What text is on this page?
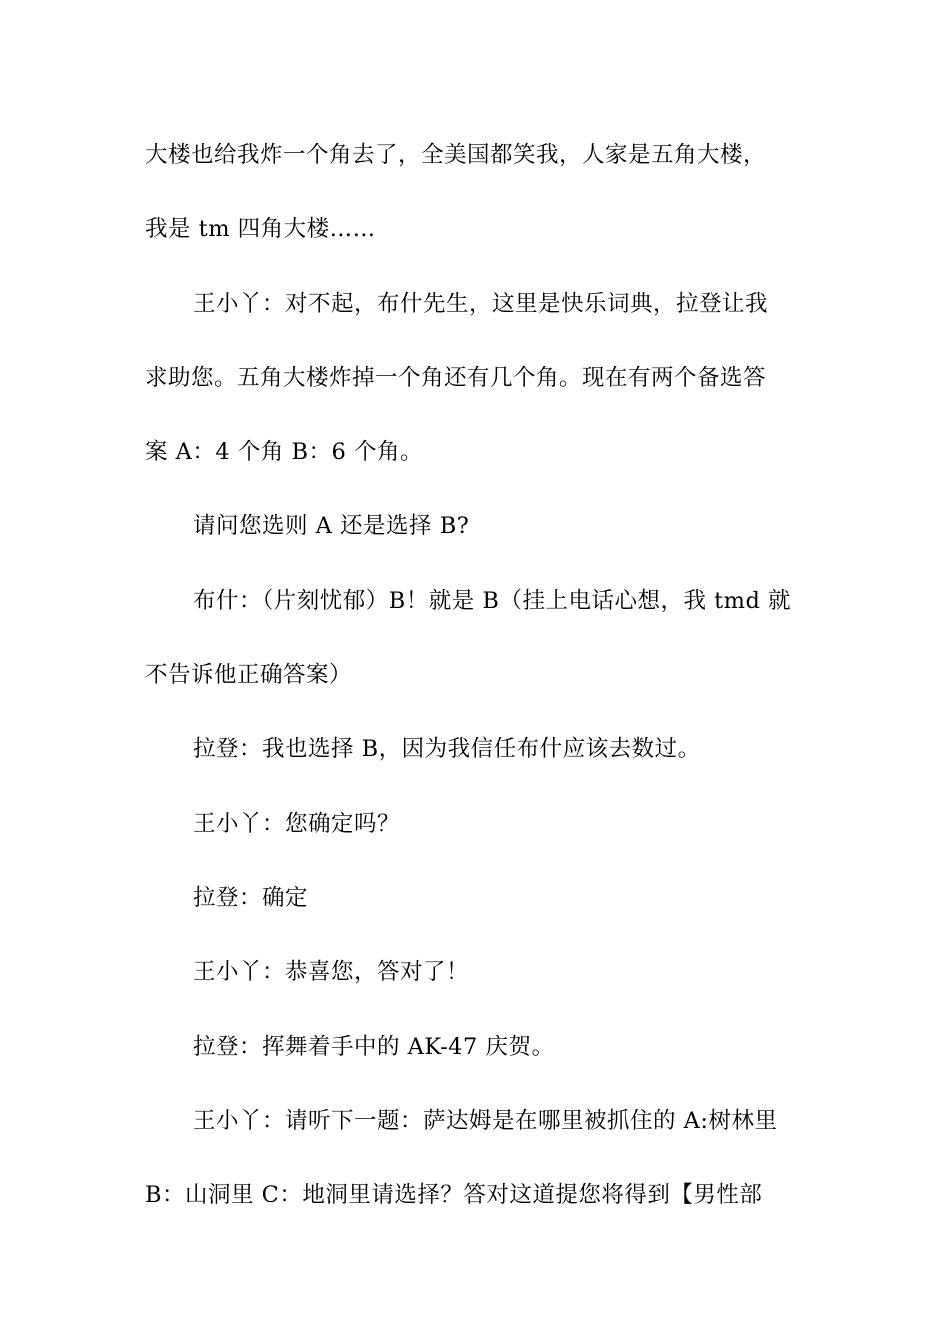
大楼也给我炸一个角去了，全美国都笑我，人家是五角大楼，
我是 tm 四角大楼……
王小丫：对不起，布什先生，这里是快乐词典，拉登让我
求助您。五角大楼炸掉一个角还有几个角。现在有两个备选答
案 A：4 个角 B：6 个角。
请问您选则 A 还是选择 B?
布什：（片刻忧郁）B！就是 B（挂上电话心想，我 tmd 就
不告诉他正确答案）
拉登：我也选择 B，因为我信任布什应该去数过。
王小丫：您确定吗？
拉登：确定
王小丫：恭喜您，答对了！
拉登：挥舞着手中的 AK-47 庆贺。
王小丫：请听下一题：萨达姆是在哪里被抓住的 A:树林里
B：山洞里 C：地洞里请选择？答对这道提您将得到【男性部
